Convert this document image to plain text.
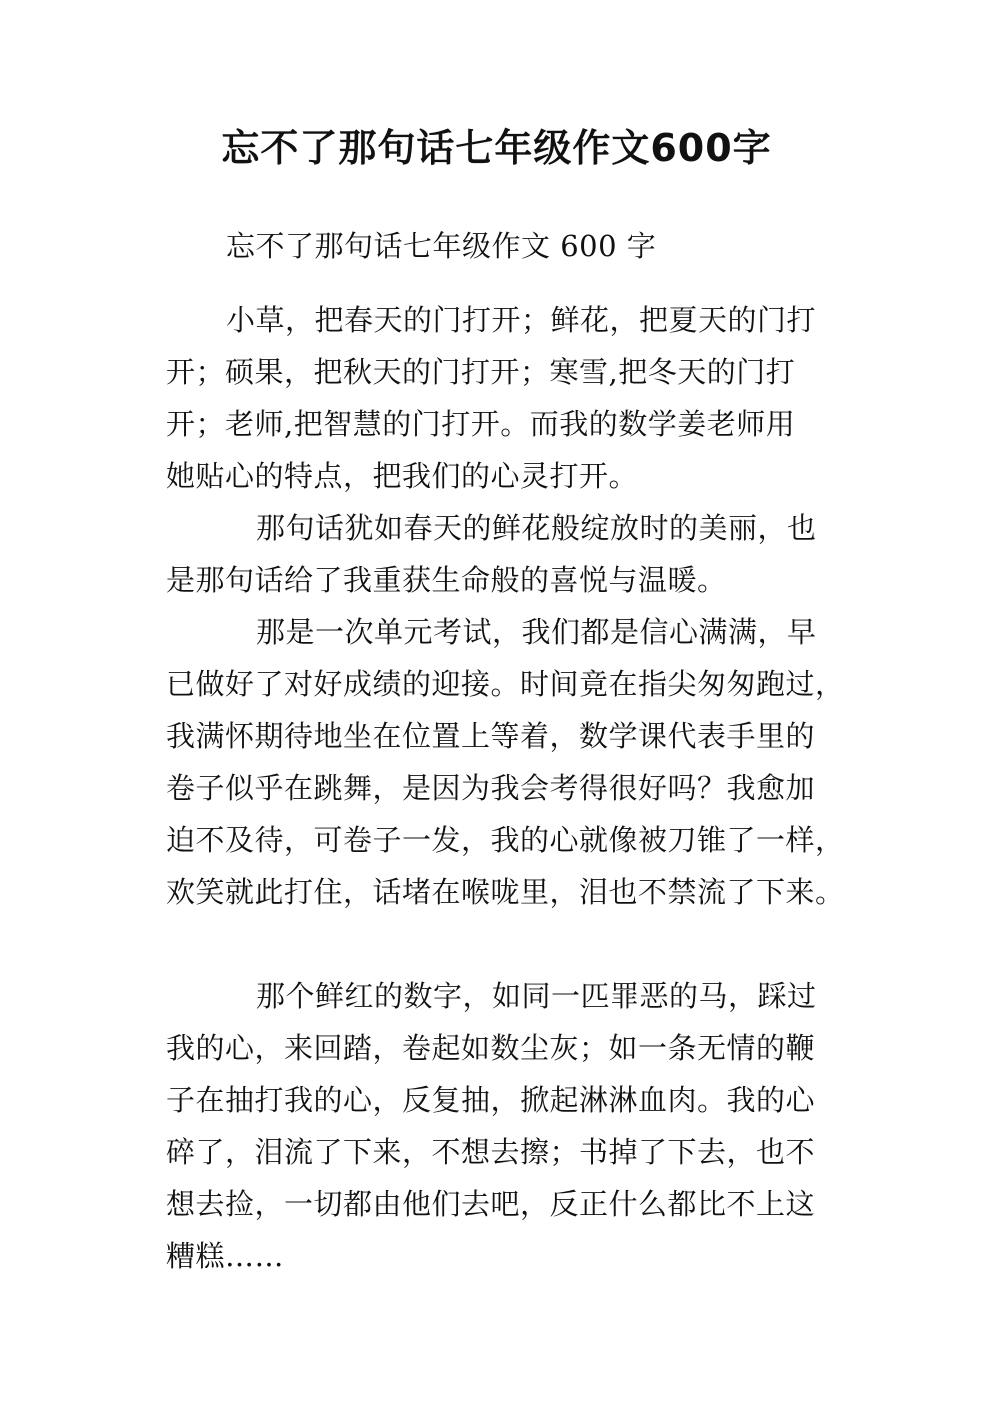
忘不了那句话七年级作文600字
忘不了那句话七年级作文 600 字
小草，把春天的门打开；鲜花，把夏天的门打
开；硕果，把秋天的门打开；寒雪,把冬天的门打
开；老师,把智慧的门打开。而我的数学姜老师用
她贴心的特点，把我们的心灵打开。
那句话犹如春天的鲜花般绽放时的美丽，也
是那句话给了我重获生命般的喜悦与温暖。
那是一次单元考试，我们都是信心满满，早
已做好了对好成绩的迎接。时间竟在指尖匆匆跑过，
我满怀期待地坐在位置上等着，数学课代表手里的
卷子似乎在跳舞，是因为我会考得很好吗？我愈加
迫不及待，可卷子一发，我的心就像被刀锥了一样，
欢笑就此打住，话堵在喉咙里，泪也不禁流了下来。
那个鲜红的数字，如同一匹罪恶的马，踩过
我的心，来回踏，卷起如数尘灰；如一条无情的鞭
子在抽打我的心，反复抽，掀起淋淋血肉。我的心
碎了，泪流了下来，不想去擦；书掉了下去，也不
想去捡，一切都由他们去吧，反正什么都比不上这
糟糕……
